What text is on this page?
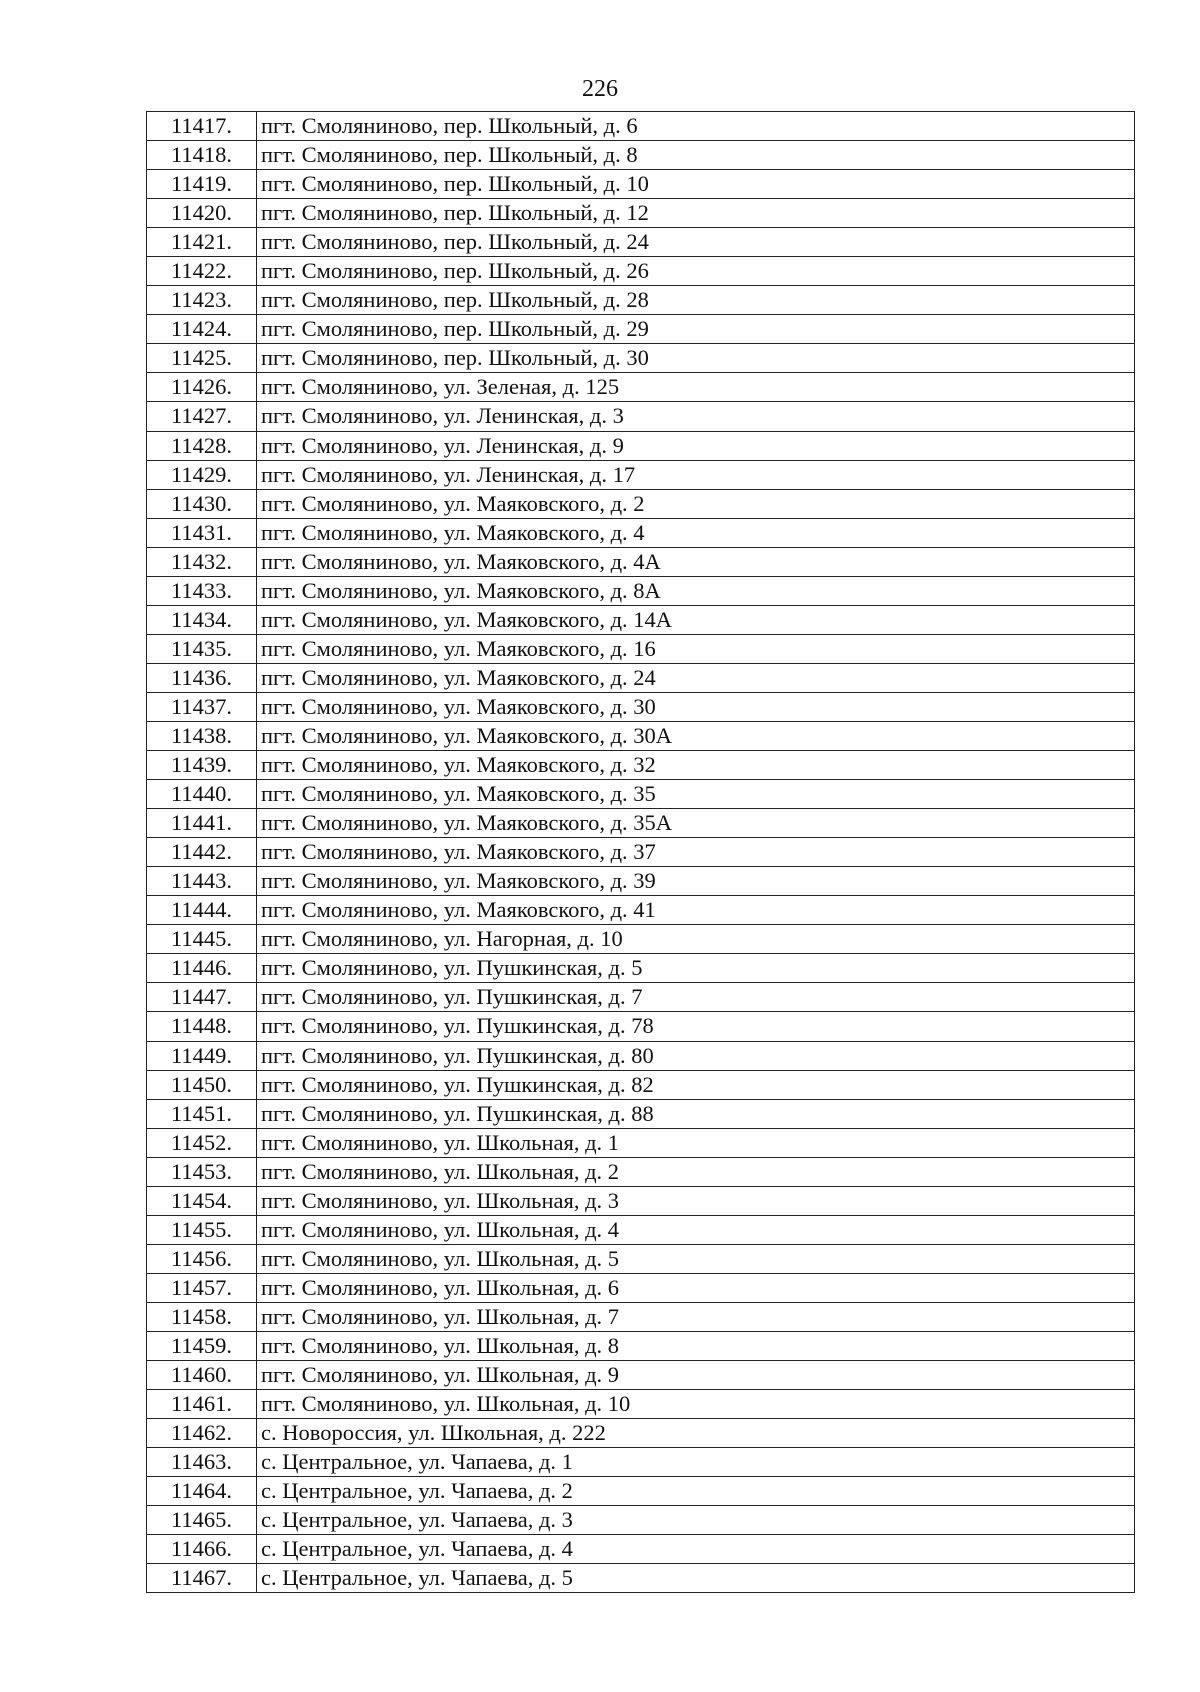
226
11417.	пгт. Смоляниново, пер. Школьный, д. 6
11418.	пгт. Смоляниново, пер. Школьный, д. 8
11419.	пгт. Смоляниново, пер. Школьный, д. 10
11420.	пгт. Смоляниново, пер. Школьный, д. 12
11421.	пгт. Смоляниново, пер. Школьный, д. 24
11422.	пгт. Смоляниново, пер. Школьный, д. 26
11423.	пгт. Смоляниново, пер. Школьный, д. 28
11424.	пгт. Смоляниново, пер. Школьный, д. 29
11425.	пгт. Смоляниново, пер. Школьный, д. 30
11426.	пгт. Смоляниново, ул. Зеленая, д. 125
11427.	пгт. Смоляниново, ул. Ленинская, д. 3
11428.	пгт. Смоляниново, ул. Ленинская, д. 9
11429.	пгт. Смоляниново, ул. Ленинская, д. 17
11430.	пгт. Смоляниново, ул. Маяковского, д. 2
11431.	пгт. Смоляниново, ул. Маяковского, д. 4
11432.	пгт. Смоляниново, ул. Маяковского, д. 4А
11433.	пгт. Смоляниново, ул. Маяковского, д. 8А
11434.	пгт. Смоляниново, ул. Маяковского, д. 14А
11435.	пгт. Смоляниново, ул. Маяковского, д. 16
11436.	пгт. Смоляниново, ул. Маяковского, д. 24
11437.	пгт. Смоляниново, ул. Маяковского, д. 30
11438.	пгт. Смоляниново, ул. Маяковского, д. 30А
11439.	пгт. Смоляниново, ул. Маяковского, д. 32
11440.	пгт. Смоляниново, ул. Маяковского, д. 35
11441.	пгт. Смоляниново, ул. Маяковского, д. 35А
11442.	пгт. Смоляниново, ул. Маяковского, д. 37
11443.	пгт. Смоляниново, ул. Маяковского, д. 39
11444.	пгт. Смоляниново, ул. Маяковского, д. 41
11445.	пгт. Смоляниново, ул. Нагорная, д. 10
11446.	пгт. Смоляниново, ул. Пушкинская, д. 5
11447.	пгт. Смоляниново, ул. Пушкинская, д. 7
11448.	пгт. Смоляниново, ул. Пушкинская, д. 78
11449.	пгт. Смоляниново, ул. Пушкинская, д. 80
11450.	пгт. Смоляниново, ул. Пушкинская, д. 82
11451.	пгт. Смоляниново, ул. Пушкинская, д. 88
11452.	пгт. Смоляниново, ул. Школьная, д. 1
11453.	пгт. Смоляниново, ул. Школьная, д. 2
11454.	пгт. Смоляниново, ул. Школьная, д. 3
11455.	пгт. Смоляниново, ул. Школьная, д. 4
11456.	пгт. Смоляниново, ул. Школьная, д. 5
11457.	пгт. Смоляниново, ул. Школьная, д. 6
11458.	пгт. Смоляниново, ул. Школьная, д. 7
11459.	пгт. Смоляниново, ул. Школьная, д. 8
11460.	пгт. Смоляниново, ул. Школьная, д. 9
11461.	пгт. Смоляниново, ул. Школьная, д. 10
11462.	с. Новороссия, ул. Школьная, д. 222
11463.	с. Центральное, ул. Чапаева, д. 1
11464.	с. Центральное, ул. Чапаева, д. 2
11465.	с. Центральное, ул. Чапаева, д. 3
11466.	с. Центральное, ул. Чапаева, д. 4
11467.	с. Центральное, ул. Чапаева, д. 5
